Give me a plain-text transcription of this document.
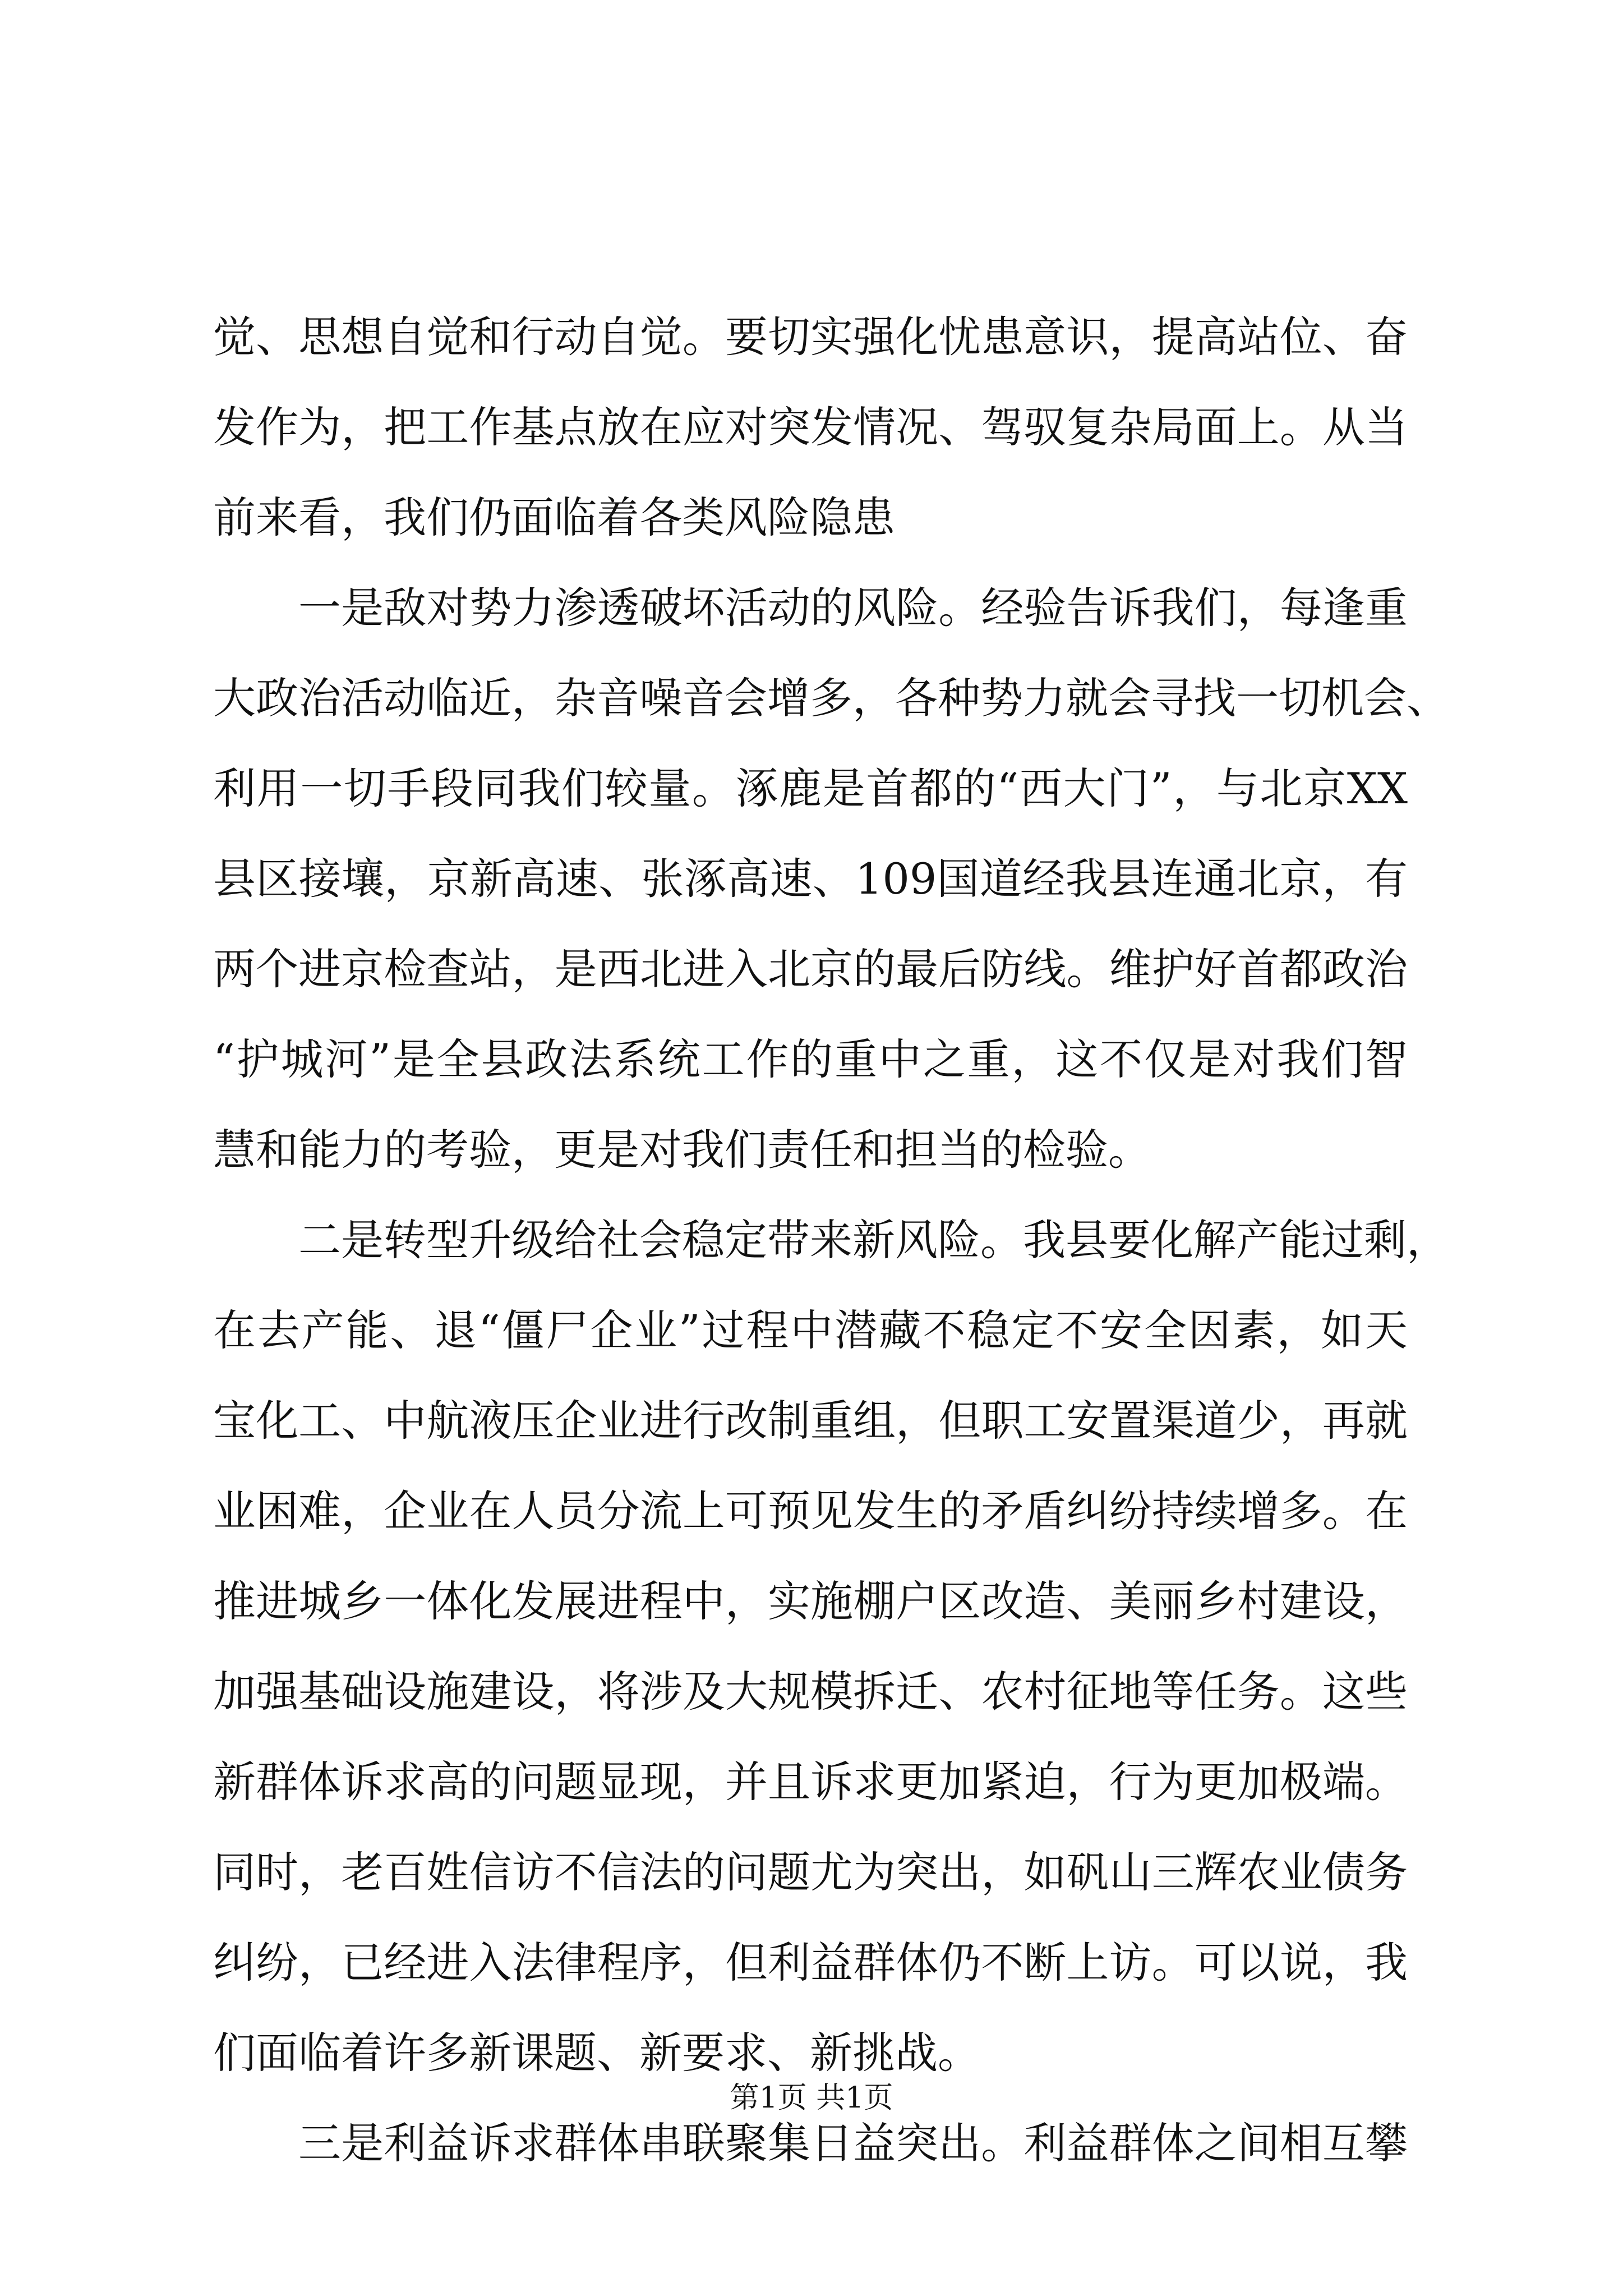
觉、思想自觉和行动自觉。要切实强化忧患意识，提高站位、奋
发作为，把工作基点放在应对突发情况、驾驭复杂局面上。从当
前来看，我们仍面临着各类风险隐患
一是敌对势力渗透破坏活动的风险。经验告诉我们，每逢重
大政治活动临近，杂音噪音会增多，各种势力就会寻找一切机会、
利用一切手段同我们较量。涿鹿是首都的“西大门”，与北京XX
县区接壤，京新高速、张涿高速、109国道经我县连通北京，有
两个进京检查站，是西北进入北京的最后防线。维护好首都政治
“护城河”是全县政法系统工作的重中之重，这不仅是对我们智
慧和能力的考验，更是对我们责任和担当的检验。
二是转型升级给社会稳定带来新风险。我县要化解产能过剩，
在去产能、退“僵尸企业”过程中潜藏不稳定不安全因素，如天
宝化工、中航液压企业进行改制重组，但职工安置渠道少，再就
业困难，企业在人员分流上可预见发生的矛盾纠纷持续增多。在
推进城乡一体化发展进程中，实施棚户区改造、美丽乡村建设，
加强基础设施建设，将涉及大规模拆迁、农村征地等任务。这些
新群体诉求高的问题显现，并且诉求更加紧迫，行为更加极端。
同时，老百姓信访不信法的问题尤为突出，如矾山三辉农业债务
纠纷，已经进入法律程序，但利益群体仍不断上访。可以说，我
们面临着许多新课题、新要求、新挑战。
三是利益诉求群体串联聚集日益突出。利益群体之间相互攀
第1页 共1页
